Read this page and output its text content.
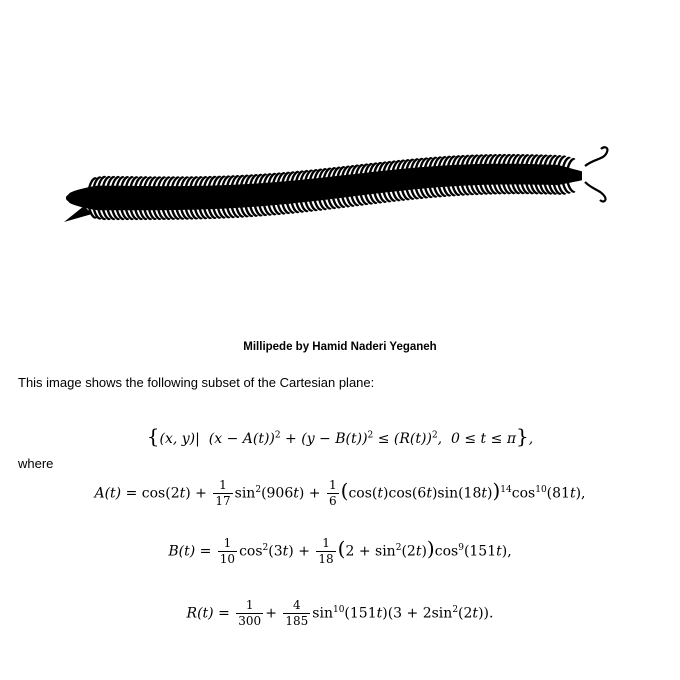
Millipede by Hamid Naderi Yeganeh
This image shows the following subset of the Cartesian plane:
{(x, y)|  $(x - A(t))^2 + (y - B(t))^2 \le (R(t))^2$,  0 ≤ t ≤ π},
where
$A(t) = \cos(2t) + \frac{1}{17} \sin^2(906t) + \frac{1}{6} (\cos(t)\cos(6t)\sin(18t))^{14}\cos^{10}(81t)$,
$B(t) = \frac{1}{10} \cos^2(3t) + \frac{1}{18} (2 + \sin^2(2t))\cos^9(151t)$,
$R(t) = \frac{1}{300} + \frac{4}{185} \sin^{10}(151t)(3 + 2\sin^2(2t))$.
